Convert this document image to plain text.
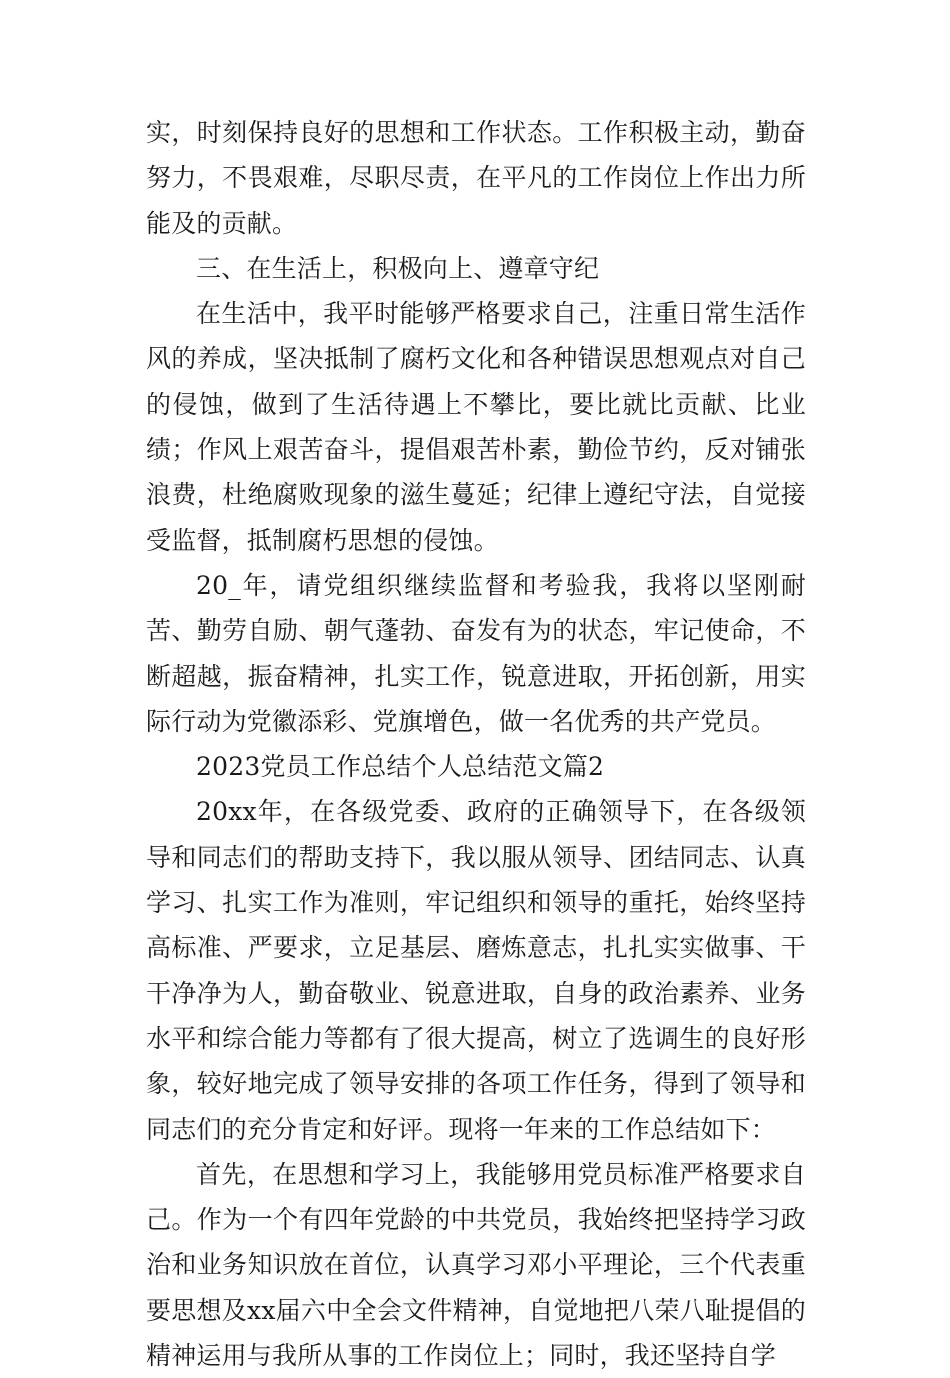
实，时刻保持良好的思想和工作状态。工作积极主动，勤奋努力，不畏艰难，尽职尽责，在平凡的工作岗位上作出力所能及的贡献。

三、在生活上，积极向上、遵章守纪

在生活中，我平时能够严格要求自己，注重日常生活作风的养成，坚决抵制了腐朽文化和各种错误思想观点对自己的侵蚀，做到了生活待遇上不攀比，要比就比贡献、比业绩；作风上艰苦奋斗，提倡艰苦朴素，勤俭节约，反对铺张浪费，杜绝腐败现象的滋生蔓延；纪律上遵纪守法，自觉接受监督，抵制腐朽思想的侵蚀。

20_年，请党组织继续监督和考验我，我将以坚刚耐苦、勤劳自励、朝气蓬勃、奋发有为的状态，牢记使命，不断超越，振奋精神，扎实工作，锐意进取，开拓创新，用实际行动为党徽添彩、党旗增色，做一名优秀的共产党员。

2023党员工作总结个人总结范文篇2

20xx年，在各级党委、政府的正确领导下，在各级领导和同志们的帮助支持下，我以服从领导、团结同志、认真学习、扎实工作为准则，牢记组织和领导的重托，始终坚持高标准、严要求，立足基层、磨炼意志，扎扎实实做事、干干净净为人，勤奋敬业、锐意进取，自身的政治素养、业务水平和综合能力等都有了很大提高，树立了选调生的良好形象，较好地完成了领导安排的各项工作任务，得到了领导和同志们的充分肯定和好评。现将一年来的工作总结如下：

首先，在思想和学习上，我能够用党员标准严格要求自己。作为一个有四年党龄的中共党员，我始终把坚持学习政治和业务知识放在首位，认真学习邓小平理论，三个代表重要思想及xx届六中全会文件精神，自觉地把八荣八耻提倡的精神运用与我所从事的工作岗位上；同时，我还坚持自学
